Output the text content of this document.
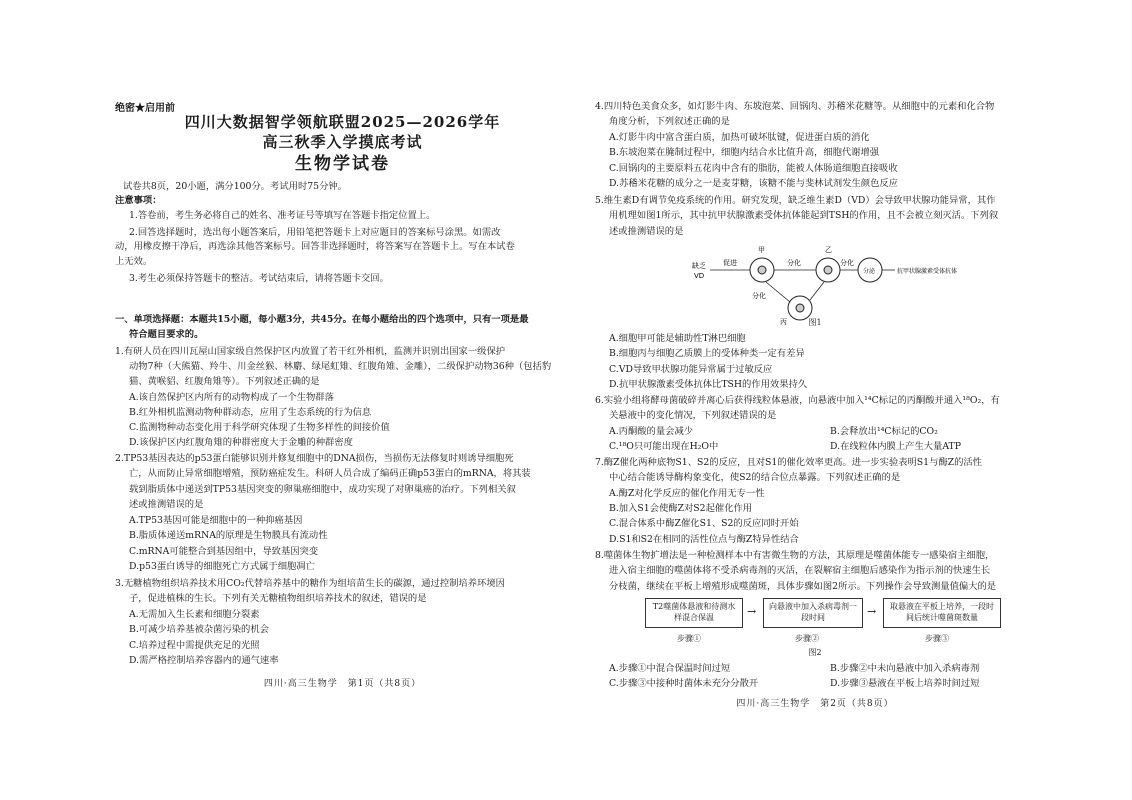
绝密★启用前
四川大数据智学领航联盟2025—2026学年
高三秋季入学摸底考试
生物学试卷
试卷共8页，20小题，满分100分。考试用时75分钟。
注意事项：
1.答卷前，考生务必将自己的姓名、准考证号等填写在答题卡指定位置上。
2.回答选择题时，选出每小题答案后，用铅笔把答题卡上对应题目的答案标号涂黑。如需改
动，用橡皮擦干净后，再选涂其他答案标号。回答非选择题时，将答案写在答题卡上。写在本试卷
上无效。
3.考生必须保持答题卡的整洁。考试结束后，请将答题卡交回。
一、单项选择题：本题共15小题，每小题3分，共45分。在每小题给出的四个选项中，只有一项是最
符合题目要求的。
1.有研人员在四川瓦屋山国家级自然保护区内放置了若干红外相机，监测并识别出国家一级保护
动物7种（大熊猫、羚牛、川金丝猴、林麝、绿尾虹雉、红腹角雉、金雕），二级保护动物36种（包括豹
猫、黄喉貂、红腹角雉等）。下列叙述正确的是
A.该自然保护区内所有的动物构成了一个生物群落
B.红外相机监测动物种群动态，应用了生态系统的行为信息
C.监测物种动态变化用于科学研究体现了生物多样性的间接价值
D.该保护区内红腹角雉的种群密度大于金雕的种群密度
2.TP53基因表达的p53蛋白能够识别并修复细胞中的DNA损伤，当损伤无法修复时则诱导细胞死
亡，从而防止异常细胞增殖，预防癌症发生。科研人员合成了编码正确p53蛋白的mRNA，将其装
载到脂质体中递送到TP53基因突变的卵巢癌细胞中，成功实现了对卵巢癌的治疗。下列相关叙
述或推测错误的是
A.TP53基因可能是细胞中的一种抑癌基因
B.脂质体递送mRNA的原理是生物膜具有流动性
C.mRNA可能整合到基因组中，导致基因突变
D.p53蛋白诱导的细胞死亡方式属于细胞凋亡
3.无糖植物组织培养技术用CO₂代替培养基中的糖作为组培苗生长的碳源，通过控制培养环境因
子，促进植株的生长。下列有关无糖植物组织培养技术的叙述，错误的是
A.无需加入生长素和细胞分裂素
B.可减少培养基被杂菌污染的机会
C.培养过程中需提供充足的光照
D.需严格控制培养容器内的通气速率
四川·高三生物学　第1页（共8页）
4.四川特色美食众多，如灯影牛肉、东坡泡菜、回锅肉、苏稽米花糖等。从细胞中的元素和化合物
角度分析，下列叙述正确的是
A.灯影牛肉中富含蛋白质，加热可破坏肽键，促进蛋白质的消化
B.东坡泡菜在腌制过程中，细胞内结合水比值升高，细胞代谢增强
C.回锅肉的主要原料五花肉中含有的脂肪，能被人体肠道细胞直接吸收
D.苏稽米花糖的成分之一是麦芽糖，该糖不能与斐林试剂发生颜色反应
5.维生素D有调节免疫系统的作用。研究发现，缺乏维生素D（VD）会导致甲状腺功能异常，其作
用机理如图1所示，其中抗甲状腺激素受体抗体能起到TSH的作用，且不会被立刻灭活。下列叙
述或推测错误的是
缺乏
VD
促进
甲
分化
乙
分化
分泌	抗甲状腺激素受体抗体
分化
丙	图1
A.细胞甲可能是辅助性T淋巴细胞
B.细胞丙与细胞乙质膜上的受体种类一定有差异
C.VD导致甲状腺功能异常属于过敏反应
D.抗甲状腺激素受体抗体比TSH的作用效果持久
6.实验小组将酵母菌破碎并离心后获得线粒体悬液，向悬液中加入¹⁴C标记的丙酮酸并通入¹⁸O₂，有
关悬液中的变化情况，下列叙述错误的是
A.丙酮酸的量会减少	B.会释放出¹⁴C标记的CO₂
C.¹⁸O只可能出现在H₂O中	D.在线粒体内膜上产生大量ATP
7.酶Z催化两种底物S1、S2的反应，且对S1的催化效率更高。进一步实验表明S1与酶Z的活性
中心结合能诱导酶构象变化，使S2的结合位点暴露。下列叙述正确的是
A.酶Z对化学反应的催化作用无专一性
B.加入S1会使酶Z对S2起催化作用
C.混合体系中酶Z催化S1、S2的反应同时开始
D.S1和S2在相同的活性位点与酶Z特异性结合
8.噬菌体生物扩增法是一种检测样本中有害微生物的方法，其原理是噬菌体能专一感染宿主细胞，
进入宿主细胞的噬菌体将不受杀病毒剂的灭活，在裂解宿主细胞后感染作为指示剂的快速生长
分枝菌，继续在平板上增殖形成噬菌斑，具体步骤如图2所示。下列操作会导致测量值偏大的是
T2噬菌体悬液和待测水样混合保温	→	向悬液中加入杀病毒剂一段时间	→	取悬液在平板上培养，一段时间后统计噬菌斑数量
步骤①	步骤②	步骤③
图2
A.步骤①中混合保温时间过短	B.步骤②中未向悬液中加入杀病毒剂
C.步骤③中接种时菌体未充分分散开	D.步骤③悬液在平板上培养时间过短
四川·高三生物学　第2页（共8页）
